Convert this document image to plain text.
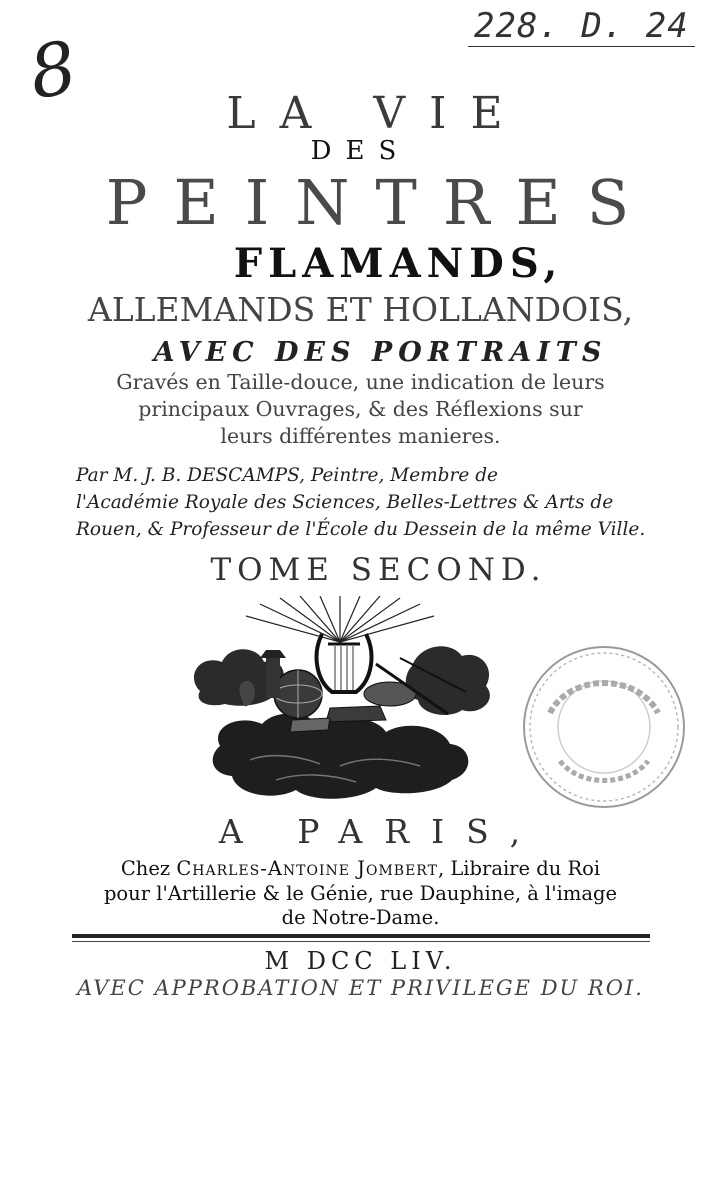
8	228. D. 24
LA VIE
DES
PEINTRES
FLAMANDS,
ALLEMANDS ET HOLLANDOIS,
AVEC DES PORTRAITS
Gravés en Taille-douce, une indication de leurs
principaux Ouvrages, & des Réflexions sur
leurs différentes manieres.
Par M. J. B. DESCAMPS, Peintre, Membre de
l'Académie Royale des Sciences, Belles-Lettres & Arts de
Rouen, & Professeur de l'École du Dessein de la même Ville.
TOME SECOND.
A PARIS,
Chez Charles-Antoine Jombert, Libraire du Roi
pour l'Artillerie & le Génie, rue Dauphine, à l'image
de Notre-Dame.
M DCC LIV.
AVEC APPROBATION ET PRIVILEGE DU ROI.
